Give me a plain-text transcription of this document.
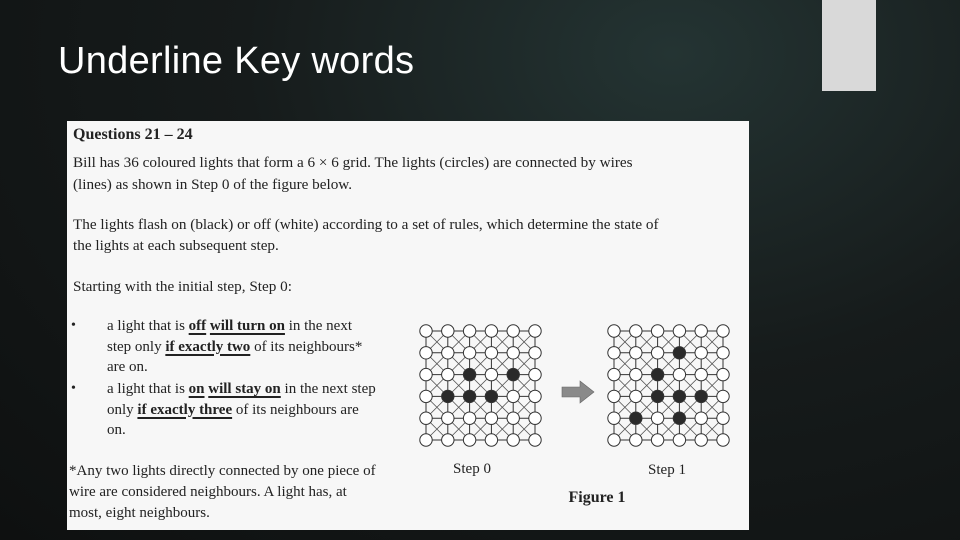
Underline Key words

Questions 21 – 24

Bill has 36 coloured lights that form a 6 × 6 grid. The lights (circles) are connected by wires

(lines) as shown in Step 0 of the figure below.

The lights flash on (black) or off (white) according to a set of rules, which determine the state of

the lights at each subsequent step.

Starting with the initial step, Step 0:

• a light that is off will turn on in the next step only if exactly two of its neighbours* are on.

• a light that is on will stay on in the next step only if exactly three of its neighbours are on.

*Any two lights directly connected by one piece of wire are considered neighbours. A light has, at most, eight neighbours.

Step 0	Step 1

Figure 1
